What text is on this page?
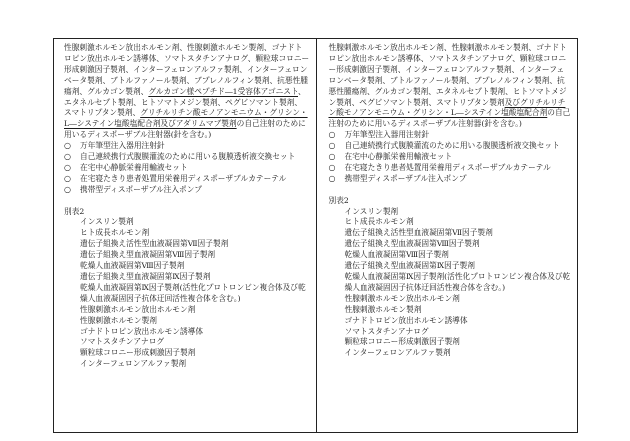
性腺刺激ホルモン放出ホルモン剤、性腺刺激ホルモン製剤、ゴナドトロピン放出ホルモン誘導体、ソマトスタチンアナログ、顆粒球コロニー形成刺激因子製剤、インターフェロンアルファ製剤、インターフェロンベータ製剤、ブトルファノール製剤、ブプレノルフィン製剤、抗悪性腫瘍剤、グルカゴン製剤、グルカゴン様ペプチド―1受容体アゴニスト、エタネルセプト製剤、ヒトソマトメジン製剤、ペグビソマント製剤、スマトリプタン製剤、グリチルリチン酸モノアンモニウム・グリシン・L―システイン塩酸塩配合剤及びアダリムマブ製剤の自己注射のために用いるディスポーザブル注射器(針を含む。)
○	万年筆型注入器用注射針
○	自己連続携行式腹膜灌流のために用いる腹膜透析液交換セット
○	在宅中心静脈栄養用輸液セット
○	在宅寝たきり患者処置用栄養用ディスポーザブルカテーテル
○	携帯型ディスポーザブル注入ポンプ
別表2
インスリン製剤
ヒト成長ホルモン剤
遺伝子組換え活性型血液凝固第Ⅶ因子製剤
遺伝子組換え型血液凝固第Ⅷ因子製剤
乾燥人血液凝固第Ⅷ因子製剤
遺伝子組換え型血液凝固第Ⅸ因子製剤
乾燥人血液凝固第Ⅸ因子製剤(活性化プロトロンビン複合体及び乾燥人血液凝固因子抗体迂回活性複合体を含む。)
性腺刺激ホルモン放出ホルモン剤
性腺刺激ホルモン製剤
ゴナドトロピン放出ホルモン誘導体
ソマトスタチンアナログ
顆粒球コロニー形成刺激因子製剤
インターフェロンアルファ製剤
性腺刺激ホルモン放出ホルモン剤、性腺刺激ホルモン製剤、ゴナドトロピン放出ホルモン誘導体、ソマトスタチンアナログ、顆粒球コロニー形成刺激因子製剤、インターフェロンアルファ製剤、インターフェロンベータ製剤、ブトルファノール製剤、ブプレノルフィン製剤、抗悪性腫瘍剤、グルカゴン製剤、エタネルセプト製剤、ヒトソマトメジン製剤、ペグビソマント製剤、スマトリプタン製剤及びグリチルリチン酸モノアンモニウム・グリシン・L―システイン塩酸塩配合剤の自己注射のために用いるディスポーザブル注射器(針を含む。)
○	万年筆型注入器用注射針
○	自己連続携行式腹膜灌流のために用いる腹膜透析液交換セット
○	在宅中心静脈栄養用輸液セット
○	在宅寝たきり患者処置用栄養用ディスポーザブルカテーテル
○	携帯型ディスポーザブル注入ポンプ
別表2
インスリン製剤
ヒト成長ホルモン剤
遺伝子組換え活性型血液凝固第Ⅶ因子製剤
遺伝子組換え型血液凝固第Ⅷ因子製剤
乾燥人血液凝固第Ⅷ因子製剤
遺伝子組換え型血液凝固第Ⅸ因子製剤
乾燥人血液凝固第Ⅸ因子製剤(活性化プロトロンビン複合体及び乾燥人血液凝固因子抗体迂回活性複合体を含む。)
性腺刺激ホルモン放出ホルモン剤
性腺刺激ホルモン製剤
ゴナドトロピン放出ホルモン誘導体
ソマトスタチンアナログ
顆粒球コロニー形成刺激因子製剤
インターフェロンアルファ製剤
